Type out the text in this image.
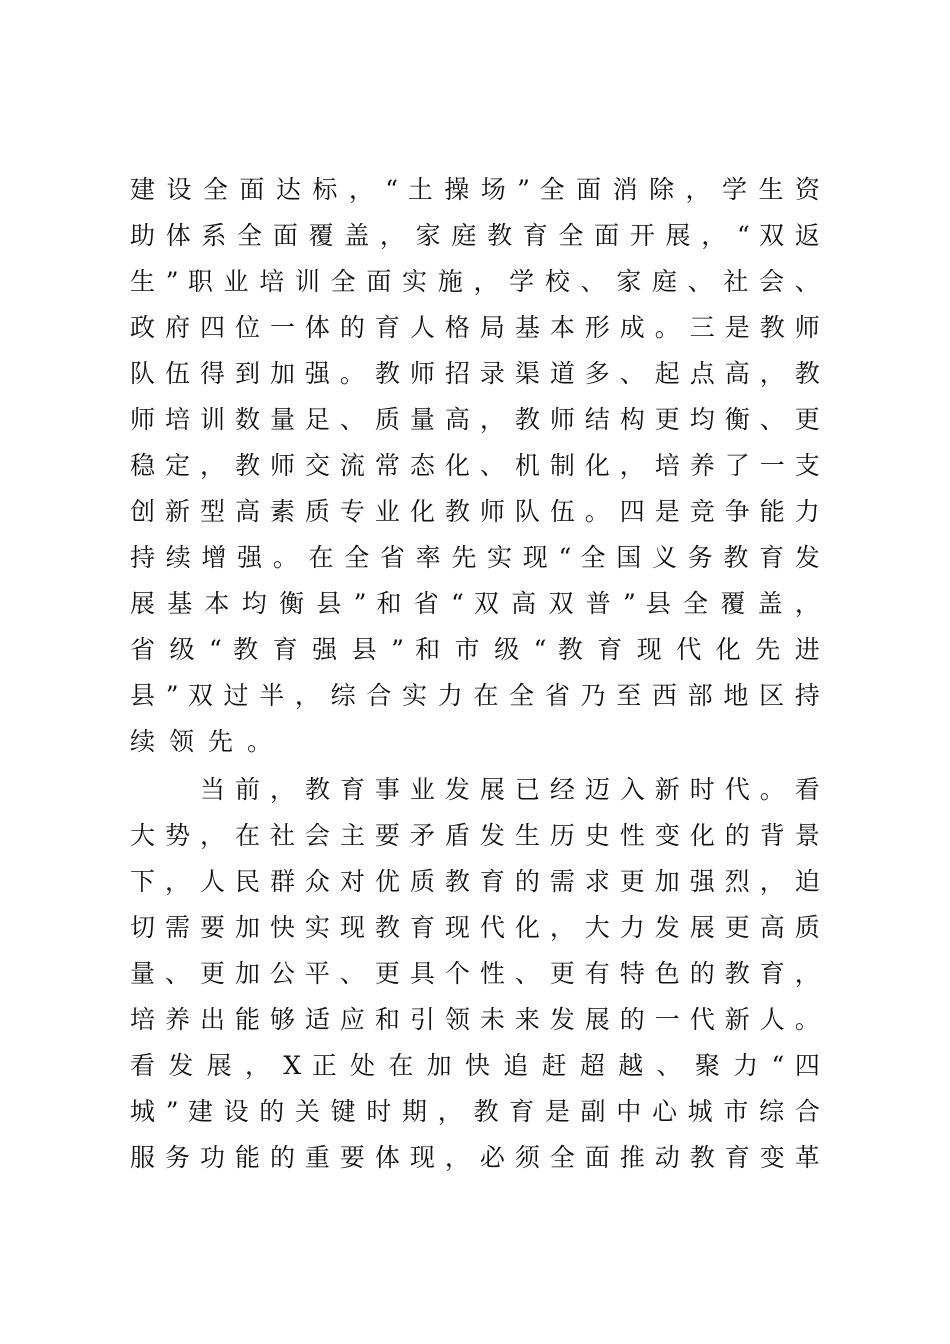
建 设 全 面 达 标 ， “ 土 操 场 ” 全 面 消 除 ， 学 生 资

助 体 系 全 面 覆 盖 ， 家 庭 教 育 全 面 开 展 ， “ 双 返

生 ” 职 业 培 训 全 面 实 施 ， 学 校 、 家 庭 、 社 会 、

政 府 四 位 一 体 的 育 人 格 局 基 本 形 成 。 三 是 教 师

队 伍 得 到 加 强 。 教 师 招 录 渠 道 多 、 起 点 高 ， 教

师 培 训 数 量 足 、 质 量 高 ， 教 师 结 构 更 均 衡 、 更

稳 定 ， 教 师 交 流 常 态 化 、 机 制 化 ， 培 养 了 一 支

创 新 型 高 素 质 专 业 化 教 师 队 伍 。 四 是 竞 争 能 力

持 续 增 强 。 在 全 省 率 先 实 现 “ 全 国 义 务 教 育 发

展 基 本 均 衡 县 ” 和 省 “ 双 高 双 普 ” 县 全 覆 盖 ，

省 级 “ 教 育 强 县 ” 和 市 级 “ 教 育 现 代 化 先 进

县 ” 双 过 半 ， 综 合 实 力 在 全 省 乃 至 西 部 地 区 持

续领先。

当 前 ， 教 育 事 业 发 展 已 经 迈 入 新 时 代 。 看

大 势 ， 在 社 会 主 要 矛 盾 发 生 历 史 性 变 化 的 背 景

下 ， 人 民 群 众 对 优 质 教 育 的 需 求 更 加 强 烈 ， 迫

切 需 要 加 快 实 现 教 育 现 代 化 ， 大 力 发 展 更 高 质

量 、 更 加 公 平 、 更 具 个 性 、 更 有 特 色 的 教 育 ，

培 养 出 能 够 适 应 和 引 领 未 来 发 展 的 一 代 新 人 。

看 发 展 ， X 正 处 在 加 快 追 赶 超 越 、 聚 力 “ 四

城 ” 建 设 的 关 键 时 期 ， 教 育 是 副 中 心 城 市 综 合

服 务 功 能 的 重 要 体 现 ， 必 须 全 面 推 动 教 育 变 革
